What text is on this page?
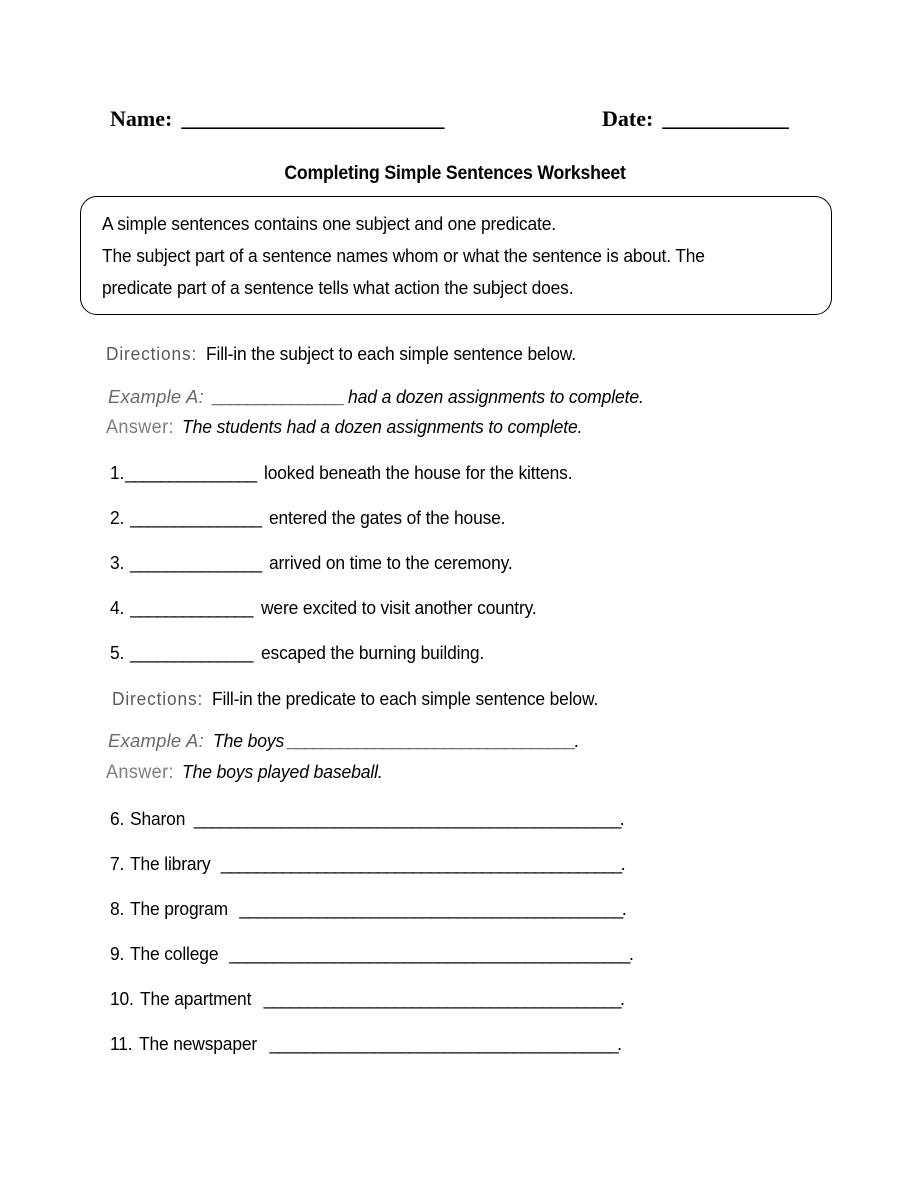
Name: _________________________	Date: ____________
Completing Simple Sentences Worksheet
A simple sentences contains one subject and one predicate.
The subject part of a sentence names whom or what the sentence is about. The
predicate part of a sentence tells what action the subject does.
Directions: Fill-in the subject to each simple sentence below.
Example A: _______________ had a dozen assignments to complete.
Answer: The students had a dozen assignments to complete.
1._______________ looked beneath the house for the kittens.
2. _______________ entered the gates of the house.
3. _______________ arrived on time to the ceremony.
4. ______________ were excited to visit another country.
5. ______________ escaped the burning building.
Directions: Fill-in the predicate to each simple sentence below.
Example A: The boys _________________________________.
Answer: The boys played baseball.
6. Sharon _________________________________________________.
7. The library ______________________________________________.
8. The program ____________________________________________.
9. The college ______________________________________________.
10. The apartment _________________________________________.
11. The newspaper ________________________________________.
